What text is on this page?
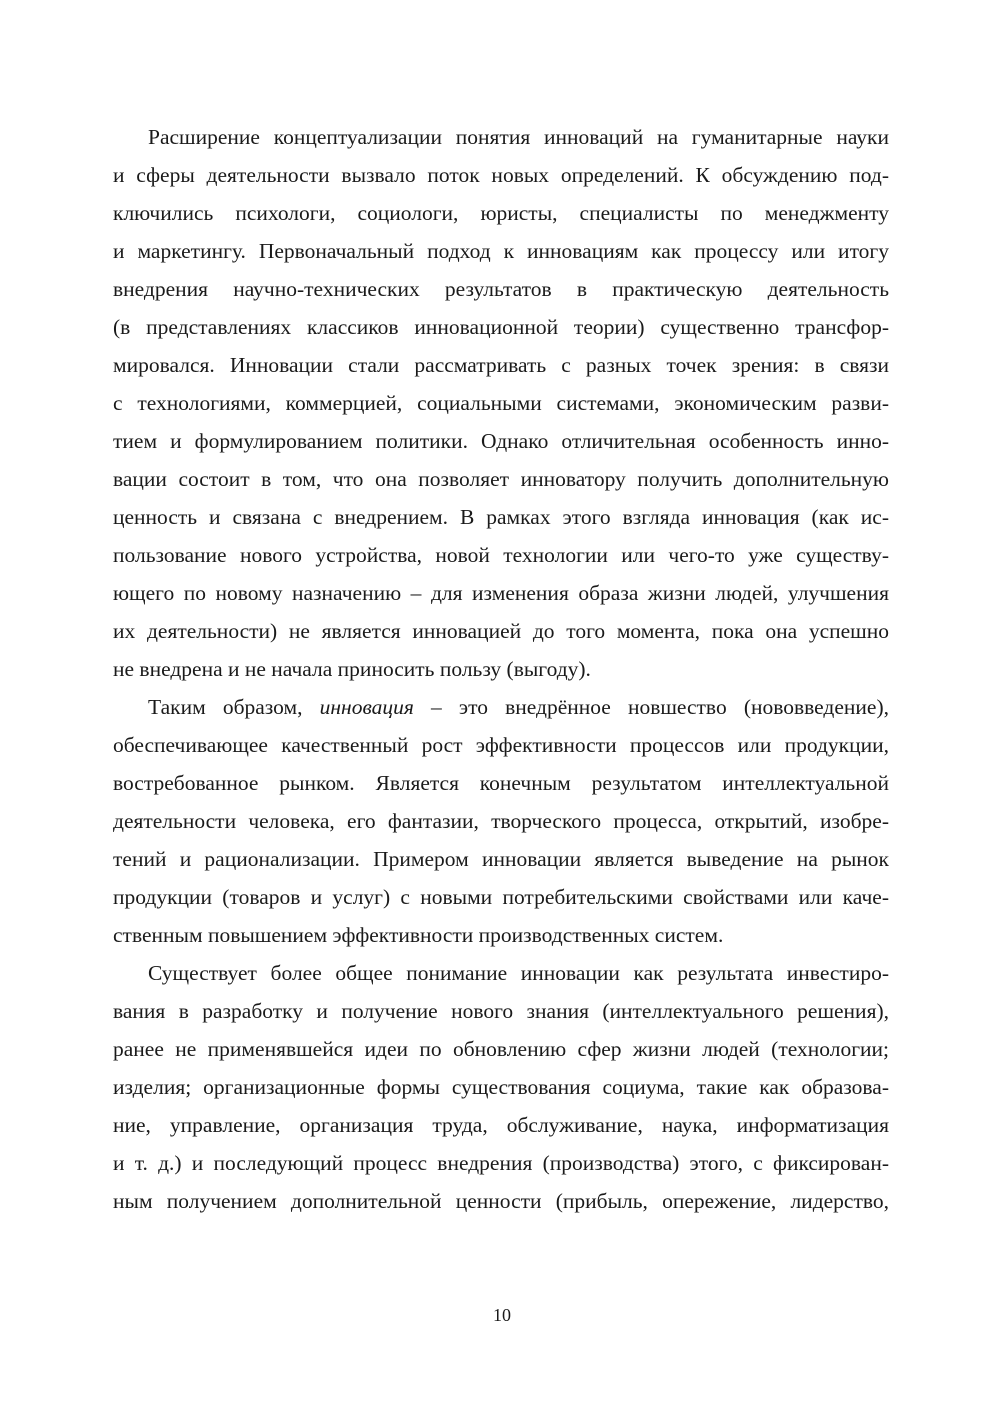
Расширение концептуализации понятия инноваций на гуманитарные науки
и сферы деятельности вызвало поток новых определений. К обсуждению под-
ключились психологи, социологи, юристы, специалисты по менеджменту
и маркетингу. Первоначальный подход к инновациям как процессу или итогу
внедрения научно-технических результатов в практическую деятельность
(в представлениях классиков инновационной теории) существенно трансфор-
мировался. Инновации стали рассматривать с разных точек зрения: в связи
с технологиями, коммерцией, социальными системами, экономическим разви-
тием и формулированием политики. Однако отличительная особенность инно-
вации состоит в том, что она позволяет инноватору получить дополнительную
ценность и связана с внедрением. В рамках этого взгляда инновация (как ис-
пользование нового устройства, новой технологии или чего-то уже существу-
ющего по новому назначению – для изменения образа жизни людей, улучшения
их деятельности) не является инновацией до того момента, пока она успешно
не внедрена и не начала приносить пользу (выгоду).
Таким образом, инновация – это внедрённое новшество (нововведение),
обеспечивающее качественный рост эффективности процессов или продукции,
востребованное рынком. Является конечным результатом интеллектуальной
деятельности человека, его фантазии, творческого процесса, открытий, изобре-
тений и рационализации. Примером инновации является выведение на рынок
продукции (товаров и услуг) с новыми потребительскими свойствами или каче-
ственным повышением эффективности производственных систем.
Существует более общее понимание инновации как результата инвестиро-
вания в разработку и получение нового знания (интеллектуального решения),
ранее не применявшейся идеи по обновлению сфер жизни людей (технологии;
изделия; организационные формы существования социума, такие как образова-
ние, управление, организация труда, обслуживание, наука, информатизация
и т. д.) и последующий процесс внедрения (производства) этого, с фиксирован-
ным получением дополнительной ценности (прибыль, опережение, лидерство,
10
